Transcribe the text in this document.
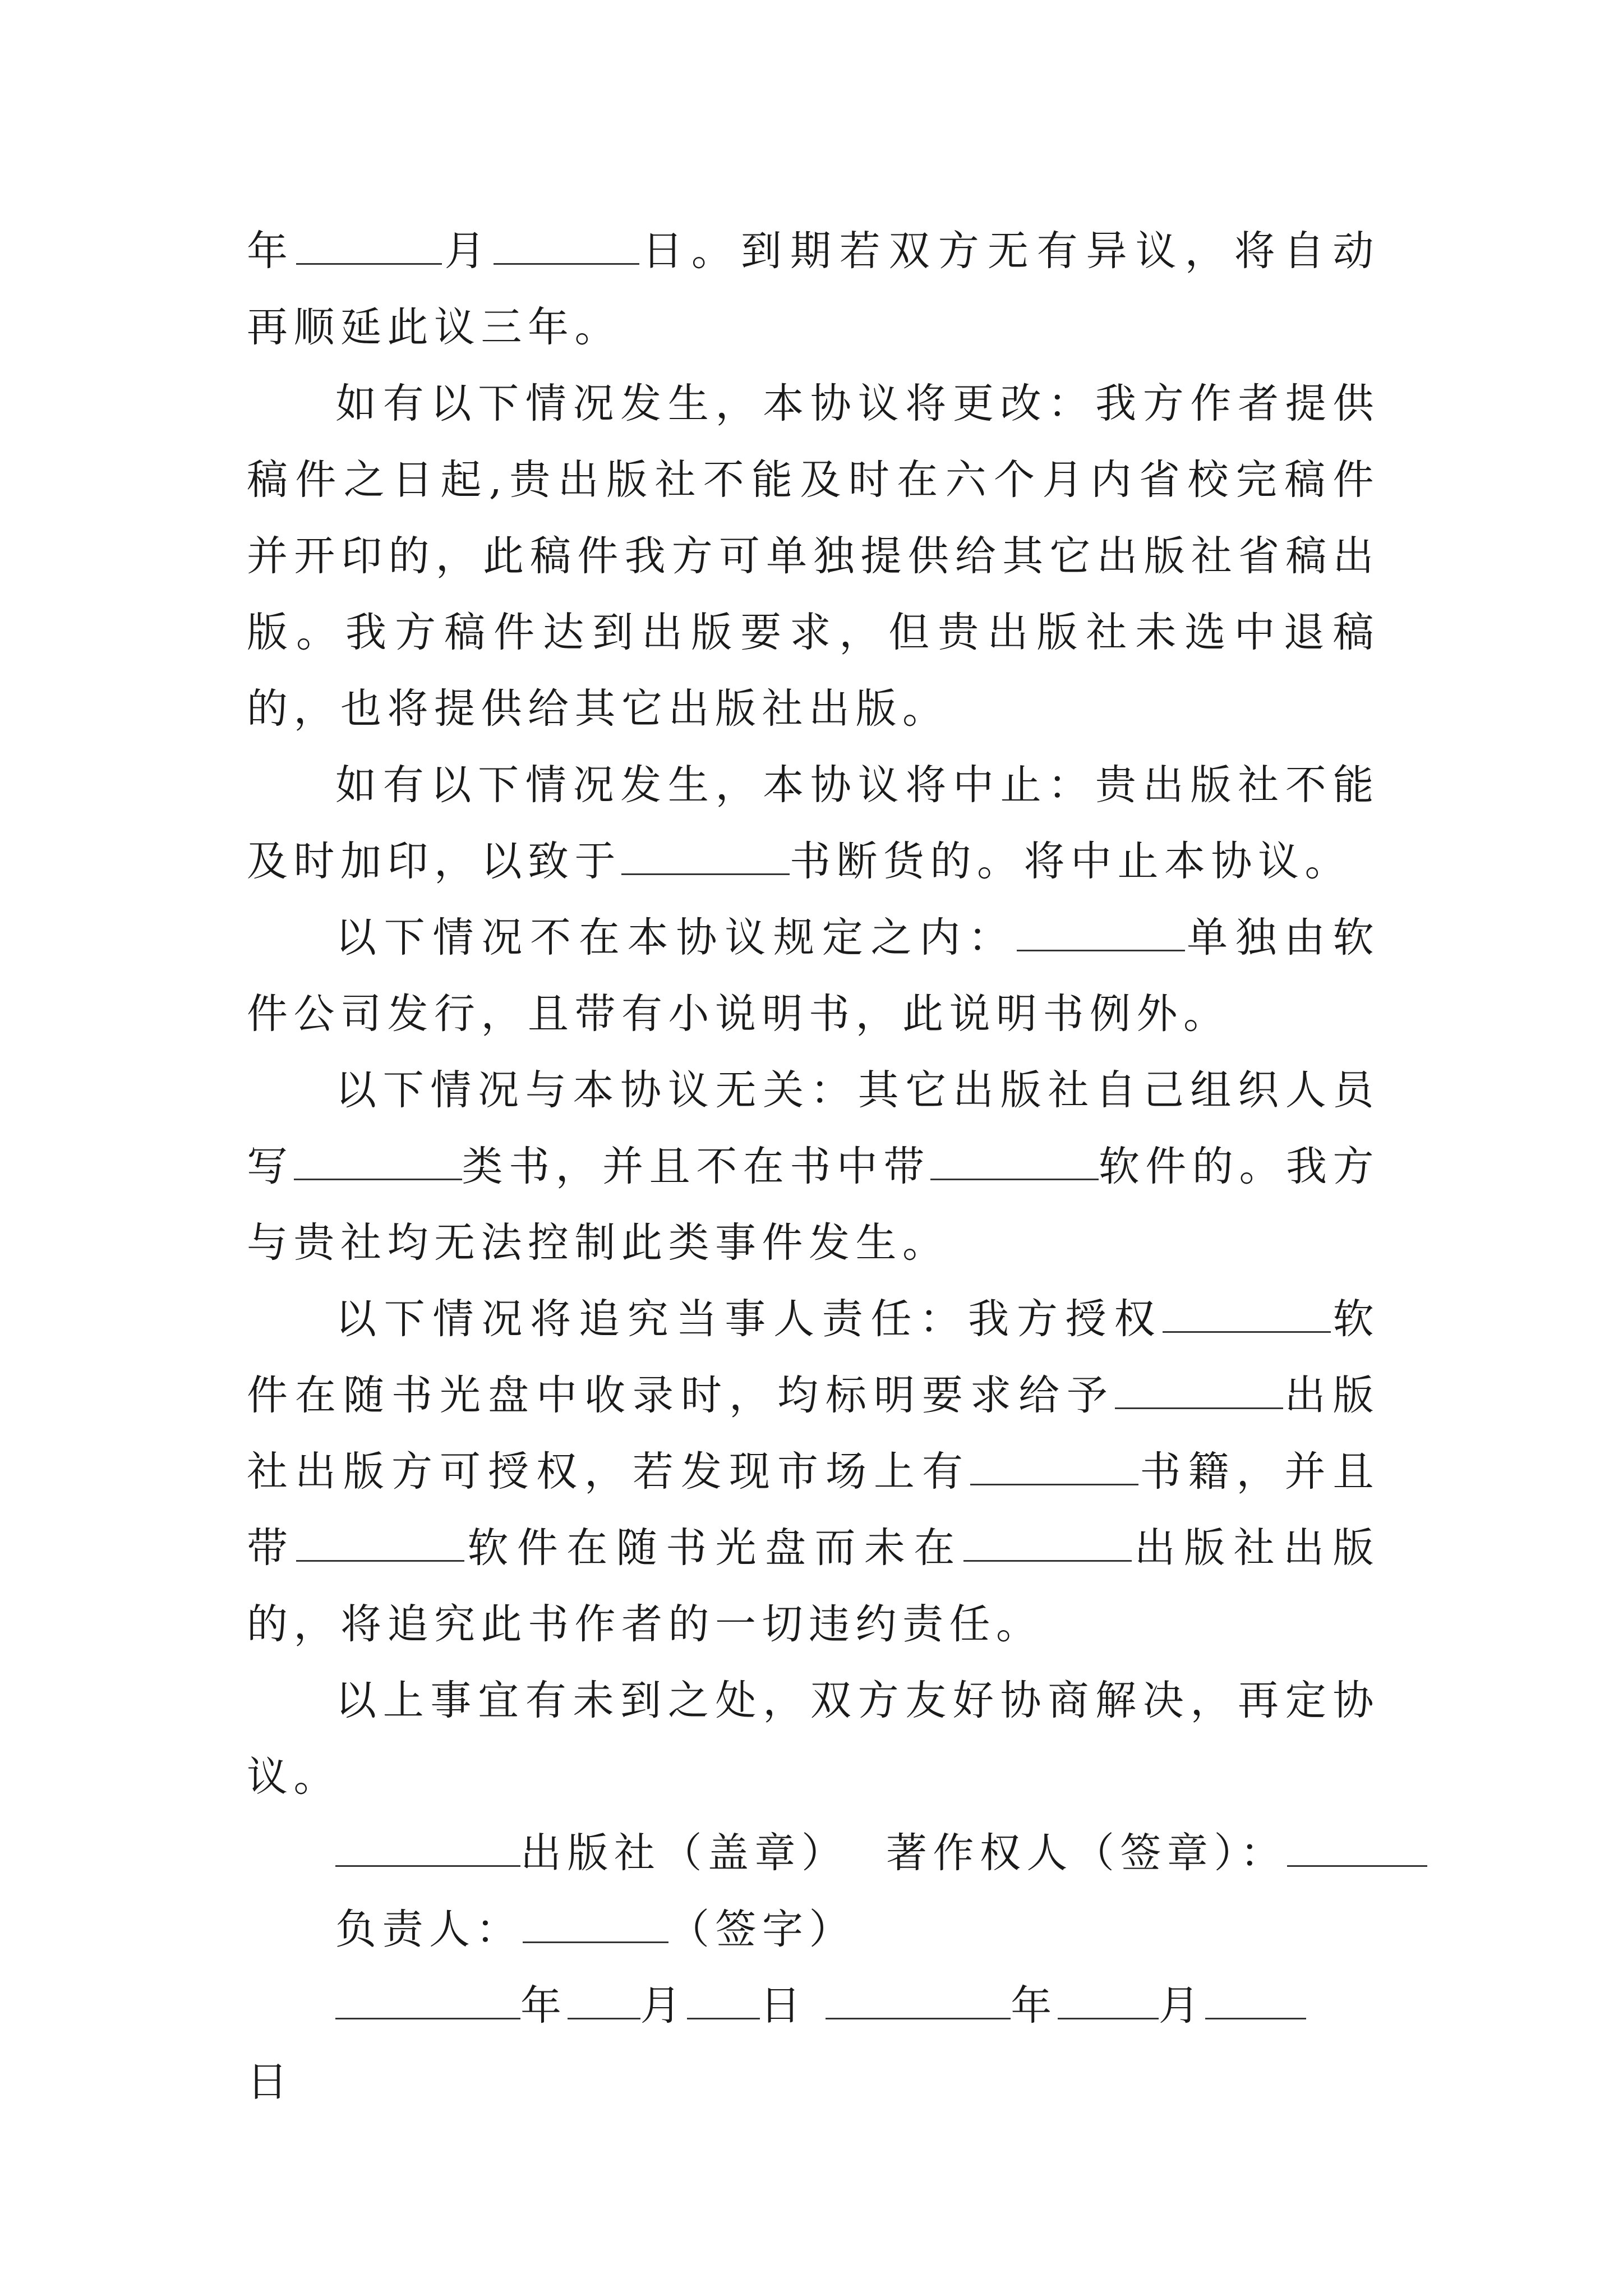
年	月	日。到期若双方无有异议，将自动再顺延此议三年。

如有以下情况发生，本协议将更改：我方作者提供稿件之日起,贵出版社不能及时在六个月内省校完稿件并开印的，此稿件我方可单独提供给其它出版社省稿出版。我方稿件达到出版要求，但贵出版社未选中退稿的，也将提供给其它出版社出版。

如有以下情况发生，本协议将中止：贵出版社不能及时加印，以致于	书断货的。将中止本协议。

以下情况不在本协议规定之内：	单独由软件公司发行，且带有小说明书，此说明书例外。

以下情况与本协议无关：其它出版社自己组织人员写	类书，并且不在书中带	软件的。我方与贵社均无法控制此类事件发生。

以下情况将追究当事人责任：我方授权	软件在随书光盘中收录时，均标明要求给予	出版社出版方可授权，若发现市场上有	书籍，并且带	软件在随书光盘而未在	出版社出版的，将追究此书作者的一切违约责任。

以上事宜有未到之处，双方友好协商解决，再定协议。

出版社（盖章） 著作权人（签章）：

负责人：	（签字）

年 月 日	年 月

日
